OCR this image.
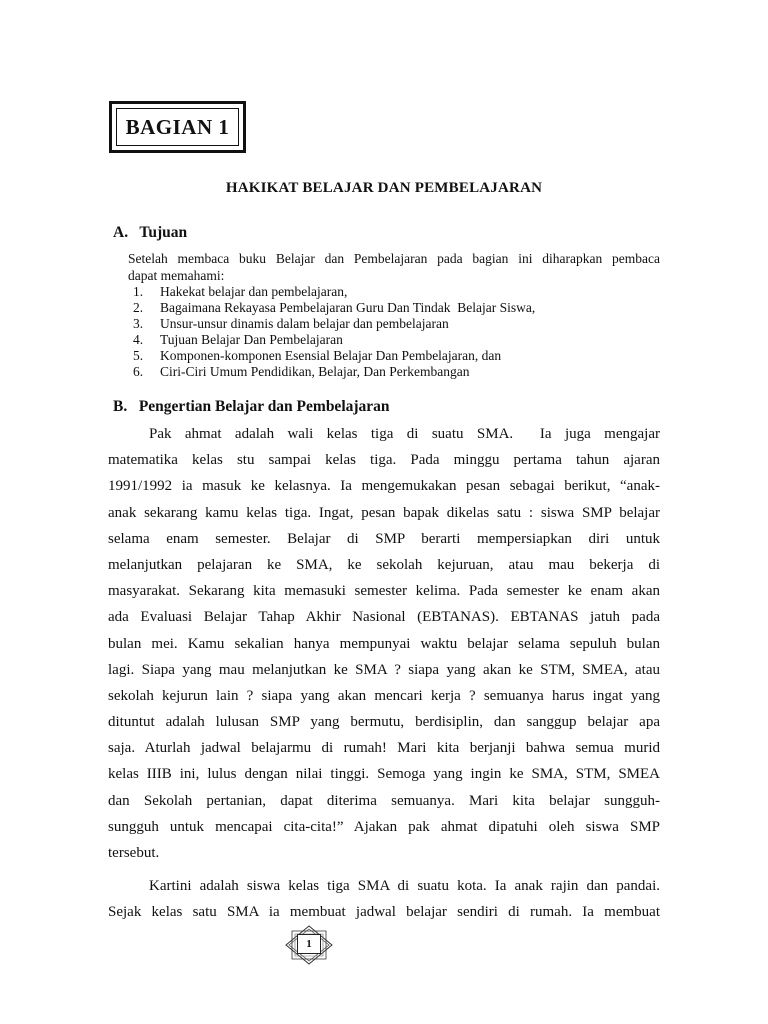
BAGIAN 1
HAKIKAT BELAJAR DAN PEMBELAJARAN
A.   Tujuan
Setelah membaca buku Belajar dan Pembelajaran pada bagian ini diharapkan pembaca
dapat memahami:
1.	Hakekat belajar dan pembelajaran,
2.	Bagaimana Rekayasa Pembelajaran Guru Dan Tindak  Belajar Siswa,
3.	Unsur-unsur dinamis dalam belajar dan pembelajaran
4.	Tujuan Belajar Dan Pembelajaran
5.	Komponen-komponen Esensial Belajar Dan Pembelajaran, dan
6.	Ciri-Ciri Umum Pendidikan, Belajar, Dan Perkembangan
B.   Pengertian Belajar dan Pembelajaran
Pak ahmat adalah wali kelas tiga di suatu SMA.  Ia juga mengajar
matematika kelas stu sampai kelas tiga. Pada minggu pertama tahun ajaran
1991/1992 ia masuk ke kelasnya. Ia mengemukakan pesan sebagai berikut, “anak-
anak sekarang kamu kelas tiga. Ingat, pesan bapak dikelas satu : siswa SMP belajar
selama enam semester. Belajar di SMP berarti mempersiapkan diri untuk
melanjutkan pelajaran ke SMA, ke sekolah kejuruan, atau mau bekerja di
masyarakat. Sekarang kita memasuki semester kelima. Pada semester ke enam akan
ada Evaluasi Belajar Tahap Akhir Nasional (EBTANAS). EBTANAS jatuh pada
bulan mei. Kamu sekalian hanya mempunyai waktu belajar selama sepuluh bulan
lagi. Siapa yang mau melanjutkan ke SMA ? siapa yang akan ke STM, SMEA, atau
sekolah kejurun lain ? siapa yang akan mencari kerja ? semuanya harus ingat yang
dituntut adalah lulusan SMP yang bermutu, berdisiplin, dan sanggup belajar apa
saja. Aturlah jadwal belajarmu di rumah! Mari kita berjanji bahwa semua murid
kelas IIIB ini, lulus dengan nilai tinggi. Semoga yang ingin ke SMA, STM, SMEA
dan Sekolah pertanian, dapat diterima semuanya. Mari kita belajar sungguh-
sungguh untuk mencapai cita-cita!” Ajakan pak ahmat dipatuhi oleh siswa SMP
tersebut.
Kartini adalah siswa kelas tiga SMA di suatu kota. Ia anak rajin dan pandai.
Sejak kelas satu SMA ia membuat jadwal belajar sendiri di rumah. Ia membuat
1
